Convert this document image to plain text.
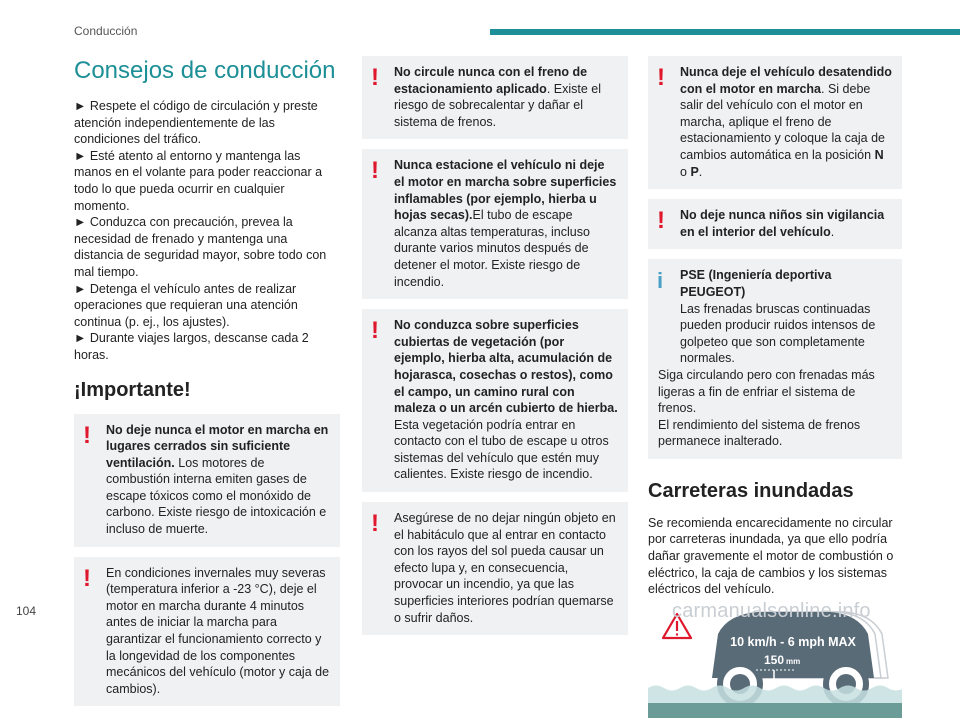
Conducción
Consejos de conducción

► Respete el código de circulación y preste atención independientemente de las condiciones del tráfico.

► Esté atento al entorno y mantenga las manos en el volante para poder reaccionar a todo lo que pueda ocurrir en cualquier momento.

► Conduzca con precaución, prevea la necesidad de frenado y mantenga una distancia de seguridad mayor, sobre todo con mal tiempo.

► Detenga el vehículo antes de realizar operaciones que requieran una atención continua (p. ej., los ajustes).

► Durante viajes largos, descanse cada 2 horas.

¡Importante!
!	No deje nunca el motor en marcha en lugares cerrados sin suficiente ventilación. Los motores de combustión interna emiten gases de escape tóxicos como el monóxido de carbono. Existe riesgo de intoxicación e incluso de muerte.

!	En condiciones invernales muy severas (temperatura inferior a -23 °C), deje el motor en marcha durante 4 minutos antes de iniciar la marcha para garantizar el funcionamiento correcto y la longevidad de los componentes mecánicos del vehículo (motor y caja de cambios).

!	No circule nunca con el freno de estacionamiento aplicado. Existe el riesgo de sobrecalentar y dañar el sistema de frenos.

!	Nunca estacione el vehículo ni deje el motor en marcha sobre superficies inflamables (por ejemplo, hierba u hojas secas).El tubo de escape alcanza altas temperaturas, incluso durante varios minutos después de detener el motor. Existe riesgo de incendio.

!	No conduzca sobre superficies cubiertas de vegetación (por ejemplo, hierba alta, acumulación de hojarasca, cosechas o restos), como el campo, un camino rural con maleza o un arcén cubierto de hierba. Esta vegetación podría entrar en contacto con el tubo de escape u otros sistemas del vehículo que estén muy calientes. Existe riesgo de incendio.

!	Asegúrese de no dejar ningún objeto en el habitáculo que al entrar en contacto con los rayos del sol pueda causar un efecto lupa y, en consecuencia, provocar un incendio, ya que las superficies interiores podrían quemarse o sufrir daños.

!	Nunca deje el vehículo desatendido con el motor en marcha. Si debe salir del vehículo con el motor en marcha, aplique el freno de estacionamiento y coloque la caja de cambios automática en la posición N o P.

!	No deje nunca niños sin vigilancia en el interior del vehículo.

i	PSE (Ingeniería deportiva PEUGEOT)

Las frenadas bruscas continuadas pueden producir ruidos intensos de golpeteo que son completamente normales.

Siga circulando pero con frenadas más ligeras a fin de enfriar el sistema de frenos.

El rendimiento del sistema de frenos permanece inalterado.

Carreteras inundadas

Se recomienda encarecidamente no circular por carreteras inundada, ya que ello podría dañar gravemente el motor de combustión o eléctrico, la caja de cambios y los sistemas eléctricos del vehículo.

10 km/h - 6 mph MAX
150 mm
104	carmanualsonline.info
